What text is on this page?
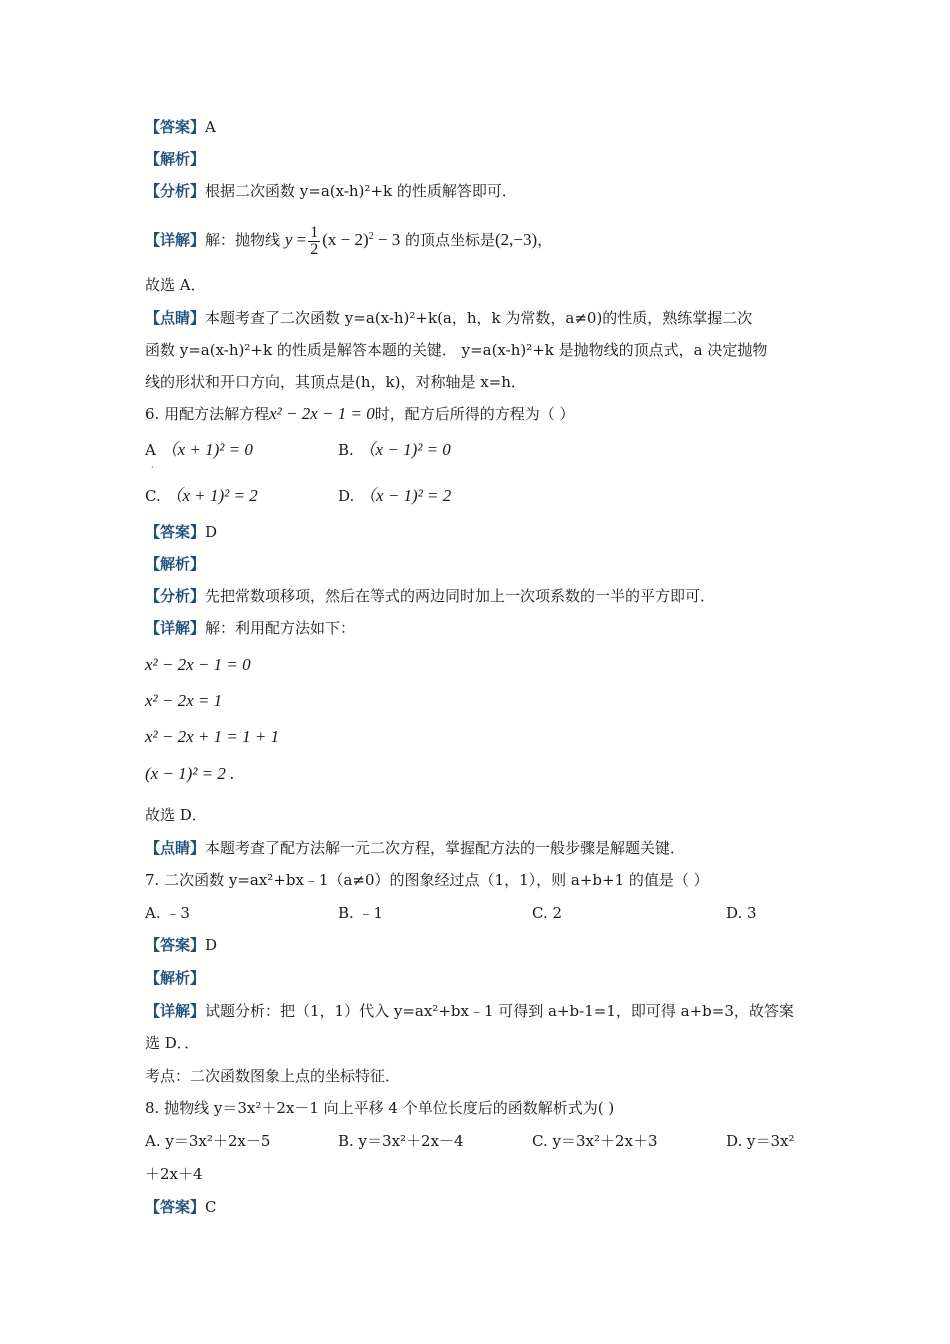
【答案】A
【解析】
【分析】根据二次函数 y=a(x-h)²+k 的性质解答即可．
【详解】解：抛物线 $y = \frac{1}{2} (x - 2)^2 - 3$ 的顶点坐标是(2,−3)，
故选 A．
【点睛】本题考查了二次函数 y=a(x-h)²+k(a，h，k 为常数，a≠0)的性质，熟练掌握二次
函数 y=a(x-h)²+k 的性质是解答本题的关键． y=a(x-h)²+k 是抛物线的顶点式，a 决定抛物
线的形状和开口方向，其顶点是(h，k)，对称轴是 x=h．
6. 用配方法解方程x² − 2x − 1 = 0时，配方后所得的方程为（ ）
A （x + 1)² = 0
·
B. （x − 1)² = 0
C. （x + 1)² = 2	D. （x − 1)² = 2
【答案】D
【解析】
【分析】先把常数项移项，然后在等式的两边同时加上一次项系数的一半的平方即可．
【详解】解：利用配方法如下：
x² − 2x − 1 = 0
x² − 2x = 1
x² − 2x + 1 = 1 + 1
(x − 1)² = 2 .
故选 D．
【点睛】本题考查了配方法解一元二次方程，掌握配方法的一般步骤是解题关键．
7. 二次函数 y=ax²+bx﹣1（a≠0）的图象经过点（1，1），则 a+b+1 的值是（ ）
A. ﹣3	B. ﹣1	C. 2	D. 3
【答案】D
【解析】
【详解】试题分析：把（1，1）代入 y=ax²+bx﹣1 可得到 a+b-1=1，即可得 a+b=3，故答案
选 D．．
考点：二次函数图象上点的坐标特征．
8. 抛物线 y＝3x²＋2x－1 向上平移 4 个单位长度后的函数解析式为( )
A. y＝3x²＋2x－5	B. y＝3x²＋2x－4	C. y＝3x²＋2x＋3	D. y＝3x²
＋2x＋4
【答案】C
